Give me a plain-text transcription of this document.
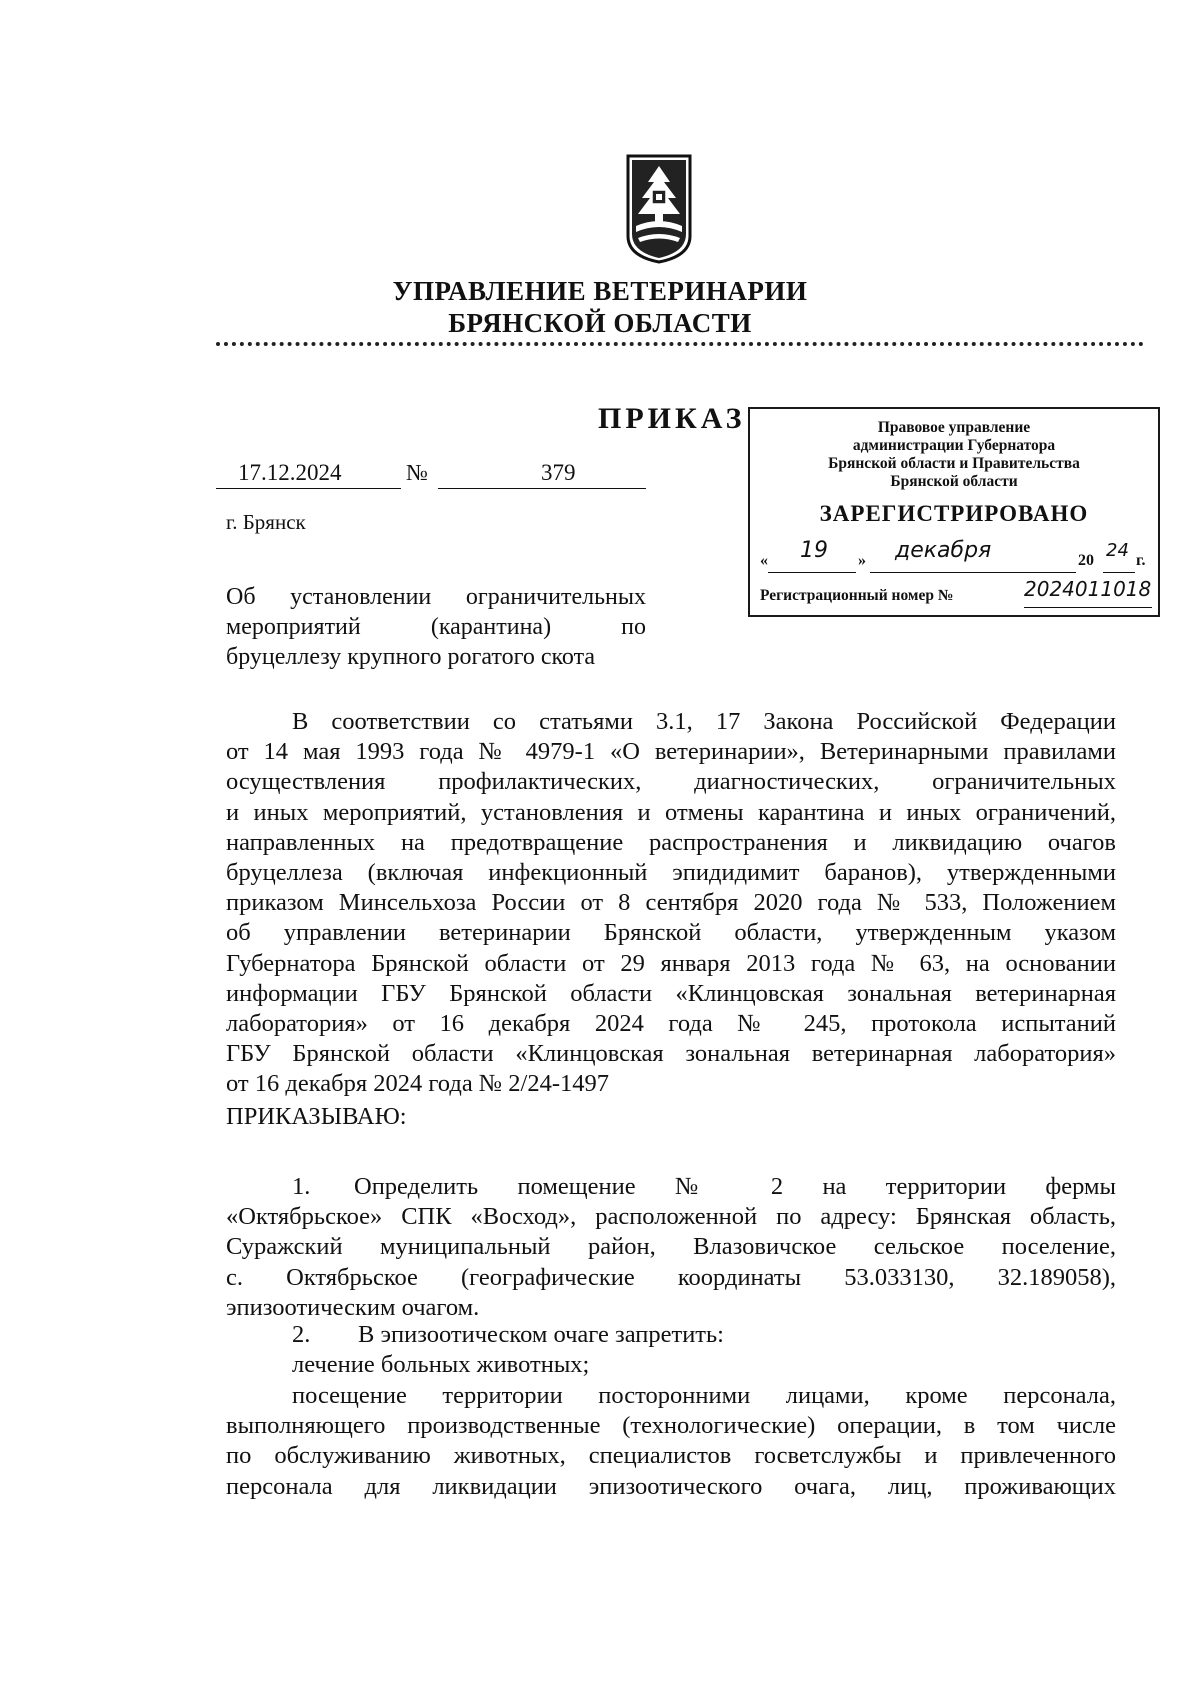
УПРАВЛЕНИЕ ВЕТЕРИНАРИИ
БРЯНСКОЙ ОБЛАСТИ
ПРИКАЗ
17.12.2024	№	379
г. Брянск
Об установлении ограничительных
мероприятий (карантина) по
бруцеллезу крупного рогатого скота
Правовое управление
администрации Губернатора
Брянской области и Правительства
Брянской области
ЗАРЕГИСТРИРОВАНО
« 19 » декабря	20 24 г.
Регистрационный номер №	2024011018
В соответствии со статьями 3.1, 17 Закона Российской Федерации
от 14 мая 1993 года № 4979-1 «О ветеринарии», Ветеринарными правилами
осуществления профилактических, диагностических, ограничительных
и иных мероприятий, установления и отмены карантина и иных ограничений,
направленных на предотвращение распространения и ликвидацию очагов
бруцеллеза (включая инфекционный эпидидимит баранов), утвержденными
приказом Минсельхоза России от 8 сентября 2020 года № 533, Положением
об управлении ветеринарии Брянской области, утвержденным указом
Губернатора Брянской области от 29 января 2013 года № 63, на основании
информации ГБУ Брянской области «Клинцовская зональная ветеринарная
лаборатория» от 16 декабря 2024 года № 245, протокола испытаний
ГБУ Брянской области «Клинцовская зональная ветеринарная лаборатория»
от 16 декабря 2024 года № 2/24-1497
ПРИКАЗЫВАЮ:
1. Определить помещение № 2 на территории фермы
«Октябрьское» СПК «Восход», расположенной по адресу: Брянская область,
Суражский муниципальный район, Влазовичское сельское поселение,
с. Октябрьское (географические координаты 53.033130, 32.189058),
эпизоотическим очагом.
2. В эпизоотическом очаге запретить:
лечение больных животных;
посещение территории посторонними лицами, кроме персонала,
выполняющего производственные (технологические) операции, в том числе
по обслуживанию животных, специалистов госветслужбы и привлеченного
персонала для ликвидации эпизоотического очага, лиц, проживающих
